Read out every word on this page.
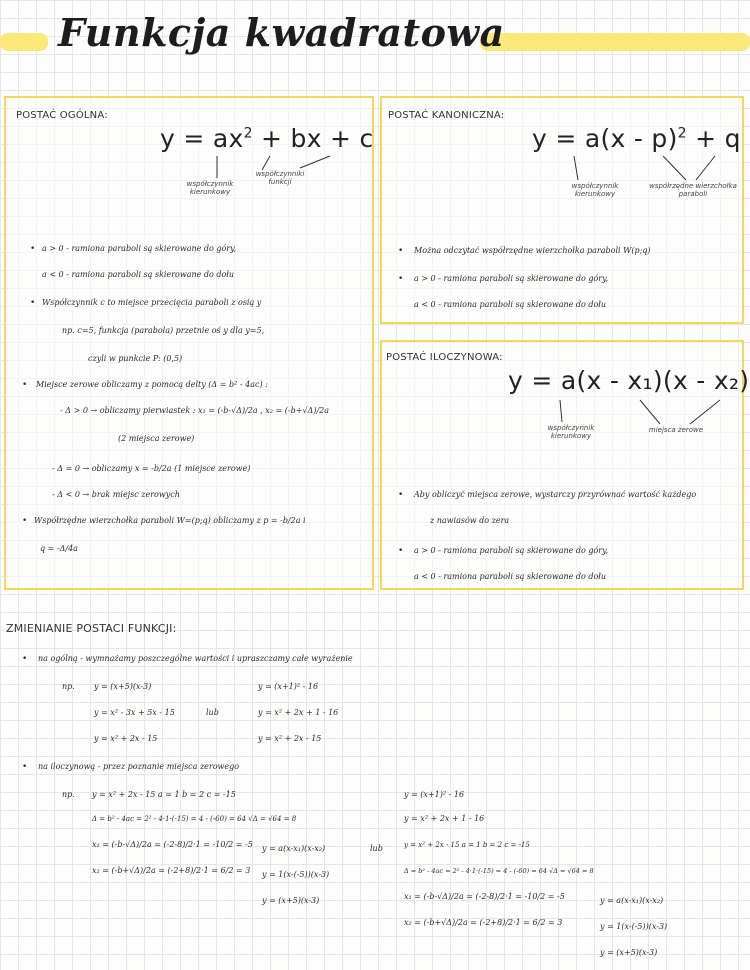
Funkcja kwadratowa
POSTAĆ OGÓLNA:
$y = ax^2$ + bx + c
współczynnik kierunkowy
współczynniki funkcji
• a > 0 - ramiona paraboli są skierowane do góry,
a < 0 - ramiona paraboli są skierowane do dołu
• Współczynnik c to miejsce przecięcia paraboli z osią y
np. c=5, funkcja (parabola) przetnie oś y dla y=5,
czyli w punkcie P: (0,5)
• Miejsce zerowe obliczamy z pomocą delty (Δ = b² - 4ac) :
- Δ > 0 → obliczamy pierwiastek : x₁ = (-b-√Δ)/2a , x₂ = (-b+√Δ)/2a
(2 miejsca zerowe)
- Δ = 0 → obliczamy x = -b/2a (1 miejsce zerowe)
- Δ < 0 → brak miejsc zerowych
• Współrzędne wierzchołka paraboli W=(p;q) obliczamy z p = -b/2a i
q = -Δ/4a
POSTAĆ KANONICZNA:
y = a(x - p)$^2$ + q
współczynnik kierunkowy
współrzędne wierzchołka paraboli
• Można odczytać współrzędne wierzchołka paraboli W(p;q)
• a > 0 - ramiona paraboli są skierowane do góry,
a < 0 - ramiona paraboli są skierowane do dołu
POSTAĆ ILOCZYNOWA:
y = a(x - x₁)(x - x₂)
współczynnik kierunkowy
miejsca zerowe
• Aby obliczyć miejsca zerowe, wystarczy przyrównać wartość każdego
z nawiasów do zera
• a > 0 - ramiona paraboli są skierowane do góry,
a < 0 - ramiona paraboli są skierowane do dołu
ZMIENIANIE POSTACI FUNKCJI:
• na ogólną - wymnażamy poszczególne wartości i upraszczamy całe wyrażenie
np. y = (x+5)(x-3)
y = x² - 3x + 5x - 15
y = x² + 2x - 15
lub
y = (x+1)² - 16
y = x² + 2x + 1 - 16
y = x² + 2x - 15
• na iloczynową - przez poznanie miejsca zerowego
np. y = x² + 2x - 15 a = 1 b = 2 c = -15
Δ = b² - 4ac = 2² - 4·1·(-15) = 4 - (-60) = 64 √Δ = √64 = 8
x₁ = (-b-√Δ)/2a = (-2-8)/2·1 = -10/2 = -5
x₂ = (-b+√Δ)/2a = (-2+8)/2·1 = 6/2 = 3
y = a(x-x₁)(x-x₂)
y = 1(x-(-5))(x-3)
y = (x+5)(x-3)
lub
y = (x+1)² - 16
y = x² + 2x + 1 - 16
y = x² + 2x - 15 a = 1 b = 2 c = -15
Δ = b² - 4ac = 2² - 4·1·(-15) = 4 - (-60) = 64 √Δ = √64 = 8
x₁ = (-b-√Δ)/2a = (-2-8)/2·1 = -10/2 = -5
x₂ = (-b+√Δ)/2a = (-2+8)/2·1 = 6/2 = 3
y = a(x-x₁)(x-x₂)
y = 1(x-(-5))(x-3)
y = (x+5)(x-3)
